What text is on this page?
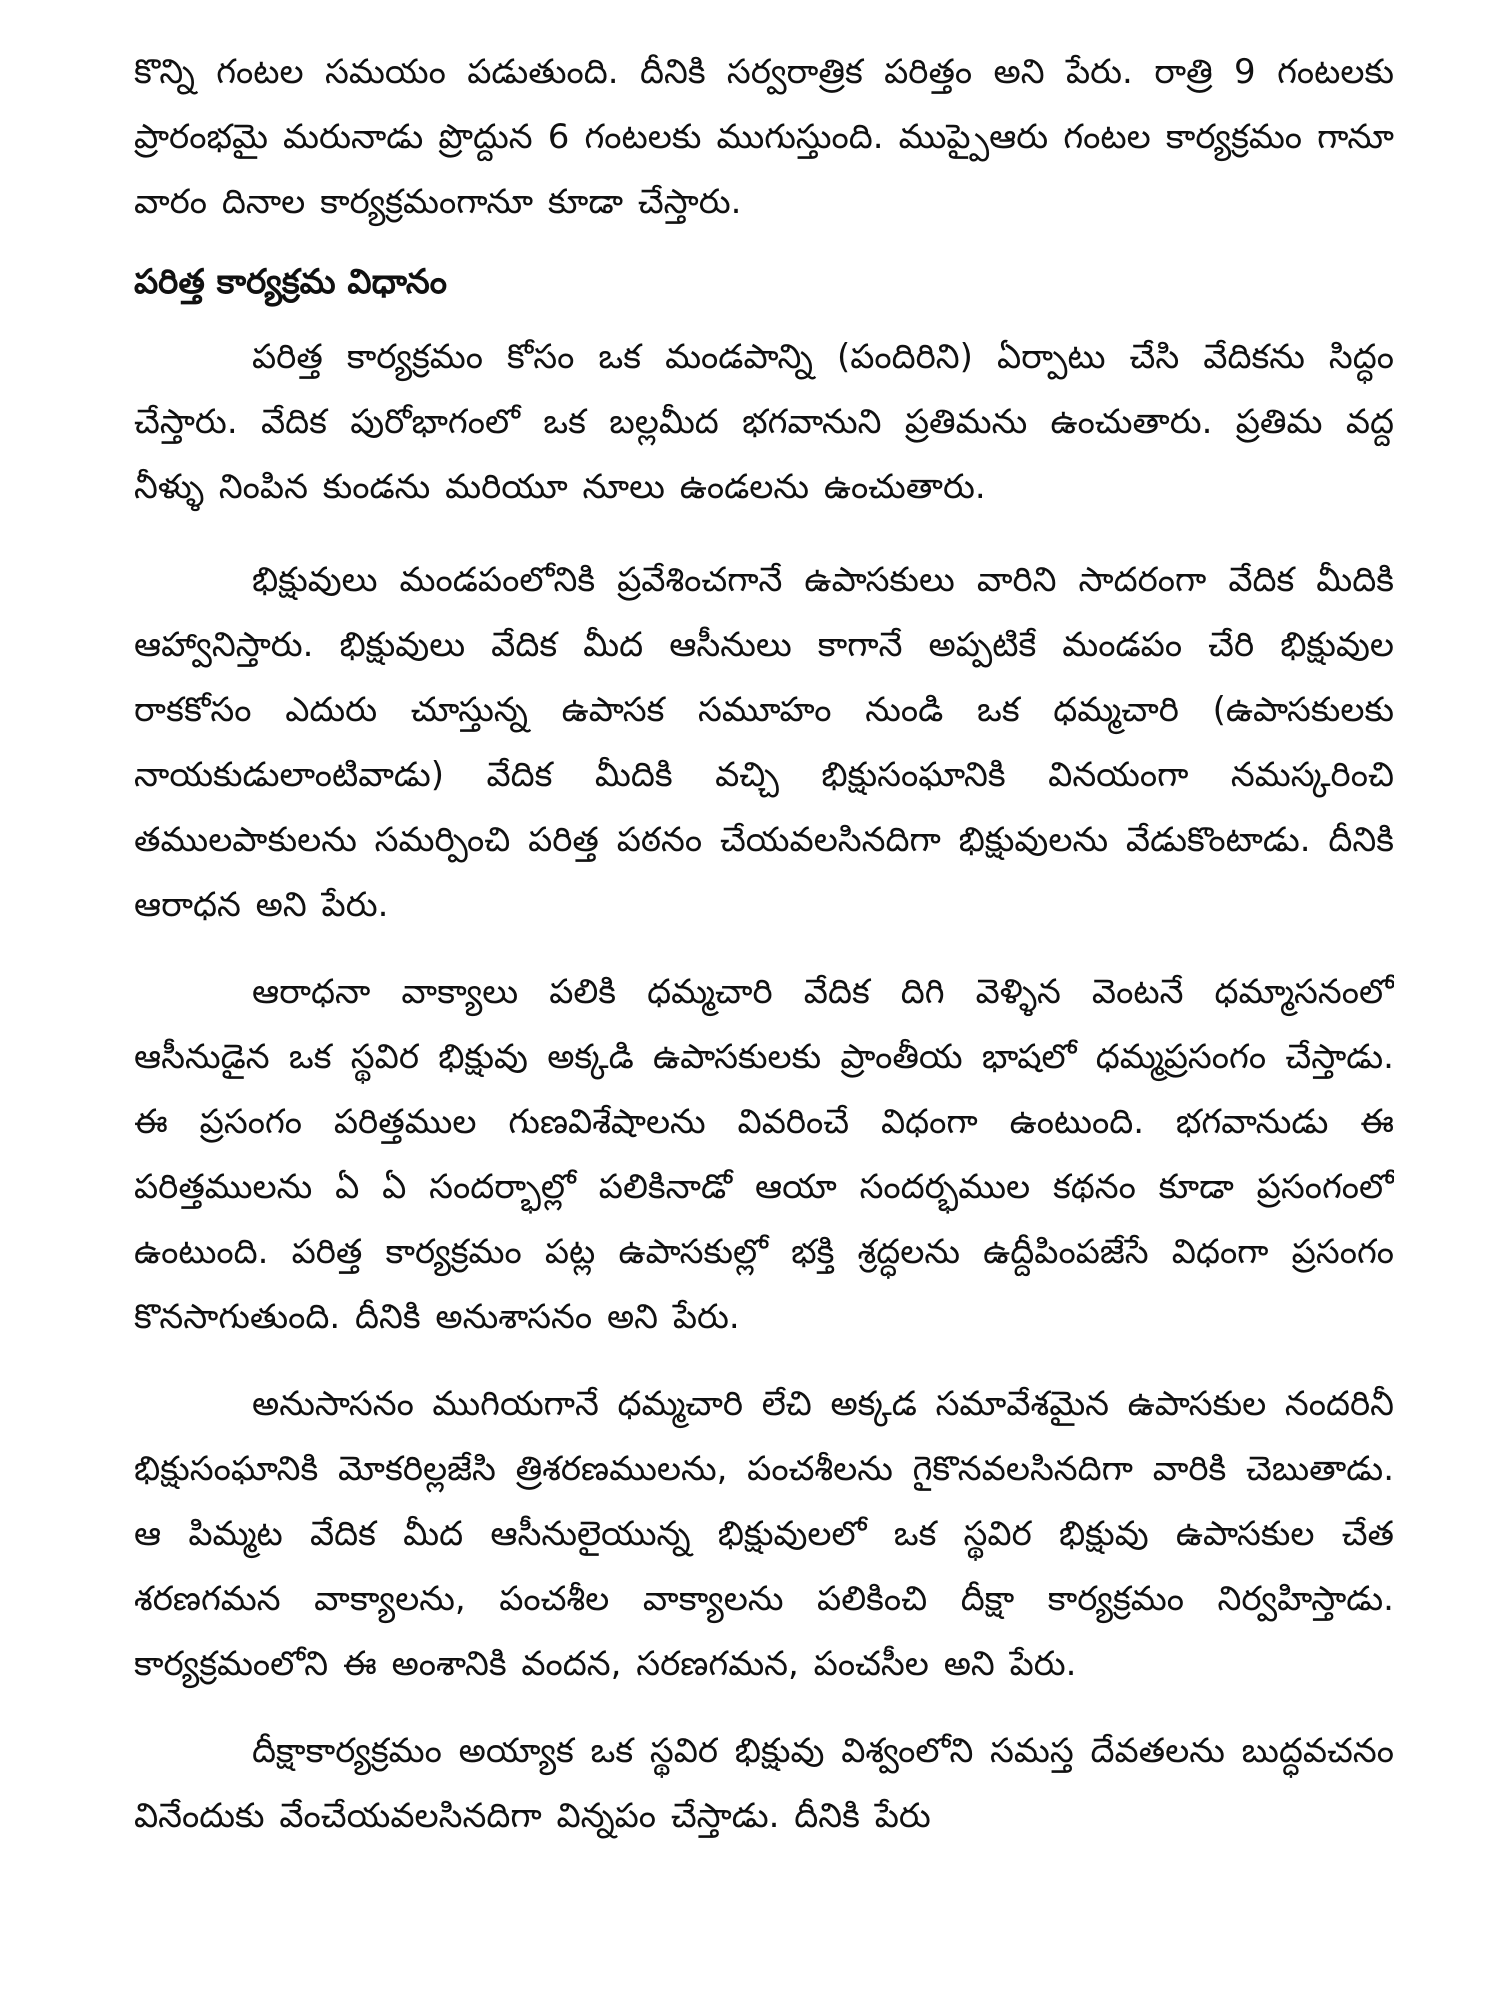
కొన్ని గంటల సమయం పడుతుంది. దీనికి సర్వరాత్రిక పరిత్తం అని పేరు. రాత్రి 9 గంటలకు ప్రారంభమై మరునాడు ప్రొద్దున 6 గంటలకు ముగుస్తుంది. ముప్పైఆరు గంటల కార్యక్రమం గానూ వారం దినాల కార్యక్రమంగానూ కూడా చేస్తారు.

పరిత్త కార్యక్రమ విధానం

పరిత్త కార్యక్రమం కోసం ఒక మండపాన్ని (పందిరిని) ఏర్పాటు చేసి వేదికను సిద్ధం చేస్తారు. వేదిక పురోభాగంలో ఒక బల్లమీద భగవానుని ప్రతిమను ఉంచుతారు. ప్రతిమ వద్ద నీళ్ళు నింపిన కుండను మరియూ నూలు ఉండలను ఉంచుతారు.

భిక్షువులు మండపంలోనికి ప్రవేశించగానే ఉపాసకులు వారిని సాదరంగా వేదిక మీదికి ఆహ్వానిస్తారు. భిక్షువులు వేదిక మీద ఆసీనులు కాగానే అప్పటికే మండపం చేరి భిక్షువుల రాకకోసం ఎదురు చూస్తున్న ఉపాసక సమూహం నుండి ఒక ధమ్మచారి (ఉపాసకులకు నాయకుడులాంటివాడు) వేదిక మీదికి వచ్చి భిక్షుసంఘానికి వినయంగా నమస్కరించి తములపాకులను సమర్పించి పరిత్త పఠనం చేయవలసినదిగా భిక్షువులను వేడుకొంటాడు. దీనికి ఆరాధన అని పేరు.

ఆరాధనా వాక్యాలు పలికి ధమ్మచారి వేదిక దిగి వెళ్ళిన వెంటనే ధమ్మాసనంలో ఆసీనుడైన ఒక స్థవిర భిక్షువు అక్కడి ఉపాసకులకు ప్రాంతీయ భాషలో ధమ్మప్రసంగం చేస్తాడు. ఈ ప్రసంగం పరిత్తముల గుణవిశేషాలను వివరించే విధంగా ఉంటుంది. భగవానుడు ఈ పరిత్తములను ఏ ఏ సందర్భాల్లో పలికినాడో ఆయా సందర్భముల కథనం కూడా ప్రసంగంలో ఉంటుంది. పరిత్త కార్యక్రమం పట్ల ఉపాసకుల్లో భక్తి శ్రద్ధలను ఉద్దీపింపజేసే విధంగా ప్రసంగం కొనసాగుతుంది. దీనికి అనుశాసనం అని పేరు.

అనుసాసనం ముగియగానే ధమ్మచారి లేచి అక్కడ సమావేశమైన ఉపాసకుల నందరినీ భిక్షుసంఘానికి మోకరిల్లజేసి త్రిశరణములను, పంచశీలను గైకొనవలసినదిగా వారికి చెబుతాడు. ఆ పిమ్మట వేదిక మీద ఆసీనులైయున్న భిక్షువులలో ఒక స్థవిర భిక్షువు ఉపాసకుల చేత శరణగమన వాక్యాలను, పంచశీల వాక్యాలను పలికించి దీక్షా కార్యక్రమం నిర్వహిస్తాడు. కార్యక్రమంలోని ఈ అంశానికి వందన, సరణగమన, పంచసీల అని పేరు.

దీక్షాకార్యక్రమం అయ్యాక ఒక స్థవిర భిక్షువు విశ్వంలోని సమస్త దేవతలను బుద్ధవచనం వినేందుకు వేంచేయవలసినదిగా విన్నపం చేస్తాడు. దీనికి పేరు
